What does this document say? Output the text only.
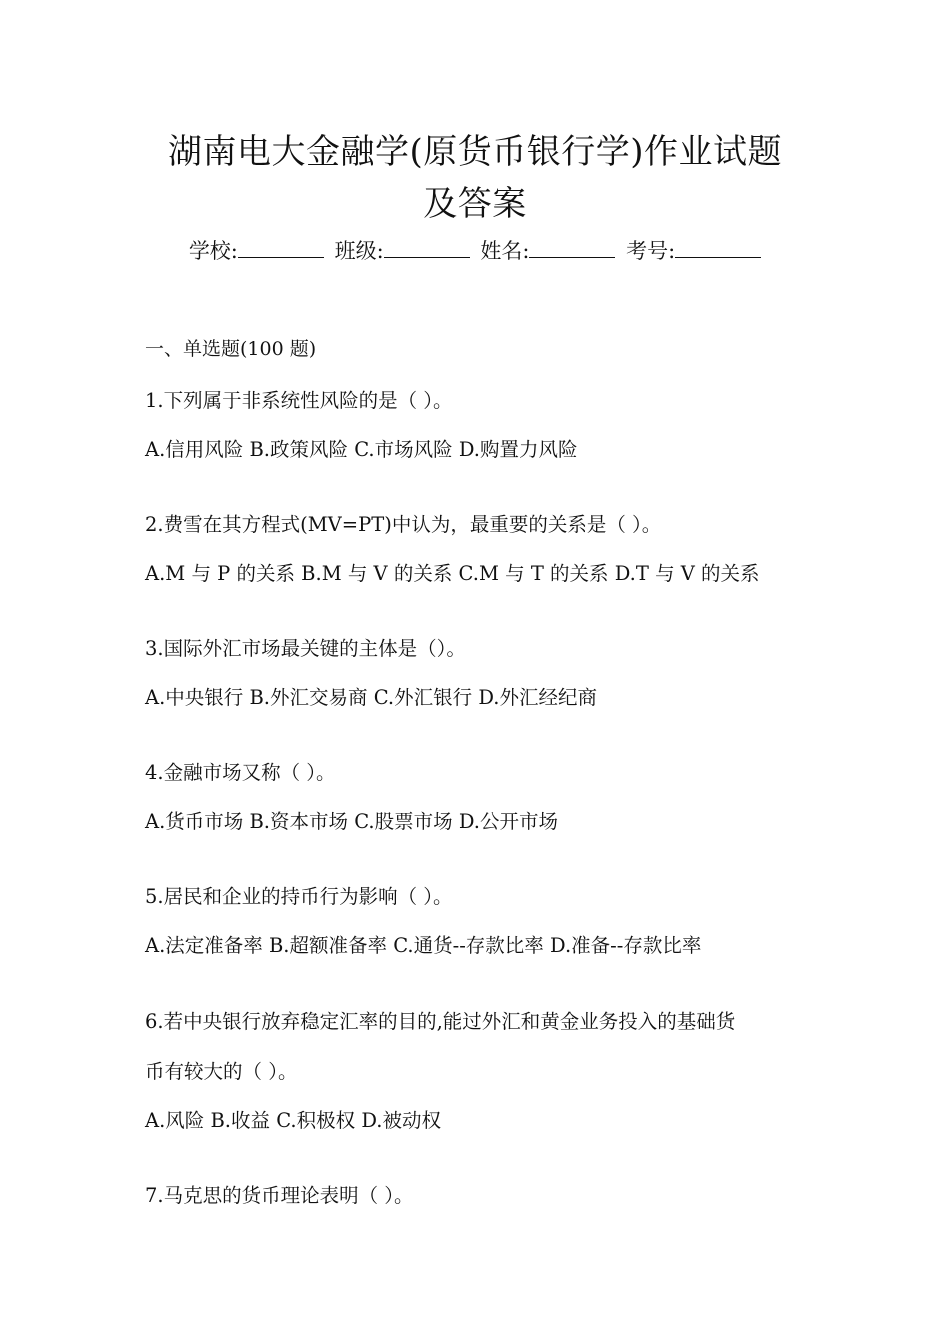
湖南电大金融学(原货币银行学)作业试题
及答案
学校:	班级:	姓名:	考号:
一、单选题(100 题)
1.下列属于非系统性风险的是（ ）。
A.信用风险 B.政策风险 C.市场风险 D.购置力风险
2.费雪在其方程式(MV=PT)中认为，最重要的关系是（ ）。
A.M 与 P 的关系 B.M 与 V 的关系 C.M 与 T 的关系 D.T 与 V 的关系
3.国际外汇市场最关键的主体是（）。
A.中央银行 B.外汇交易商 C.外汇银行 D.外汇经纪商
4.金融市场又称（ ）。
A.货币市场 B.资本市场 C.股票市场 D.公开市场
5.居民和企业的持币行为影响（ ）。
A.法定准备率 B.超额准备率 C.通货--存款比率 D.准备--存款比率
6.若中央银行放弃稳定汇率的目的,能过外汇和黄金业务投入的基础货
币有较大的（ ）。
A.风险 B.收益 C.积极权 D.被动权
7.马克思的货币理论表明（ ）。
